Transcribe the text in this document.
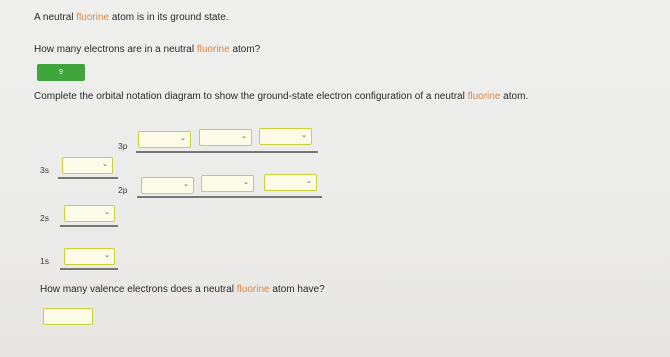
A neutral fluorine atom is in its ground state.
How many electrons are in a neutral fluorine atom?
9
Complete the orbital notation diagram to show the ground-state electron configuration of a neutral fluorine atom.
3p
⌄	⌄	⌄
3s
⌄
2p
⌄	⌄	⌄
2s
⌄
1s
⌄
How many valence electrons does a neutral fluorine atom have?
